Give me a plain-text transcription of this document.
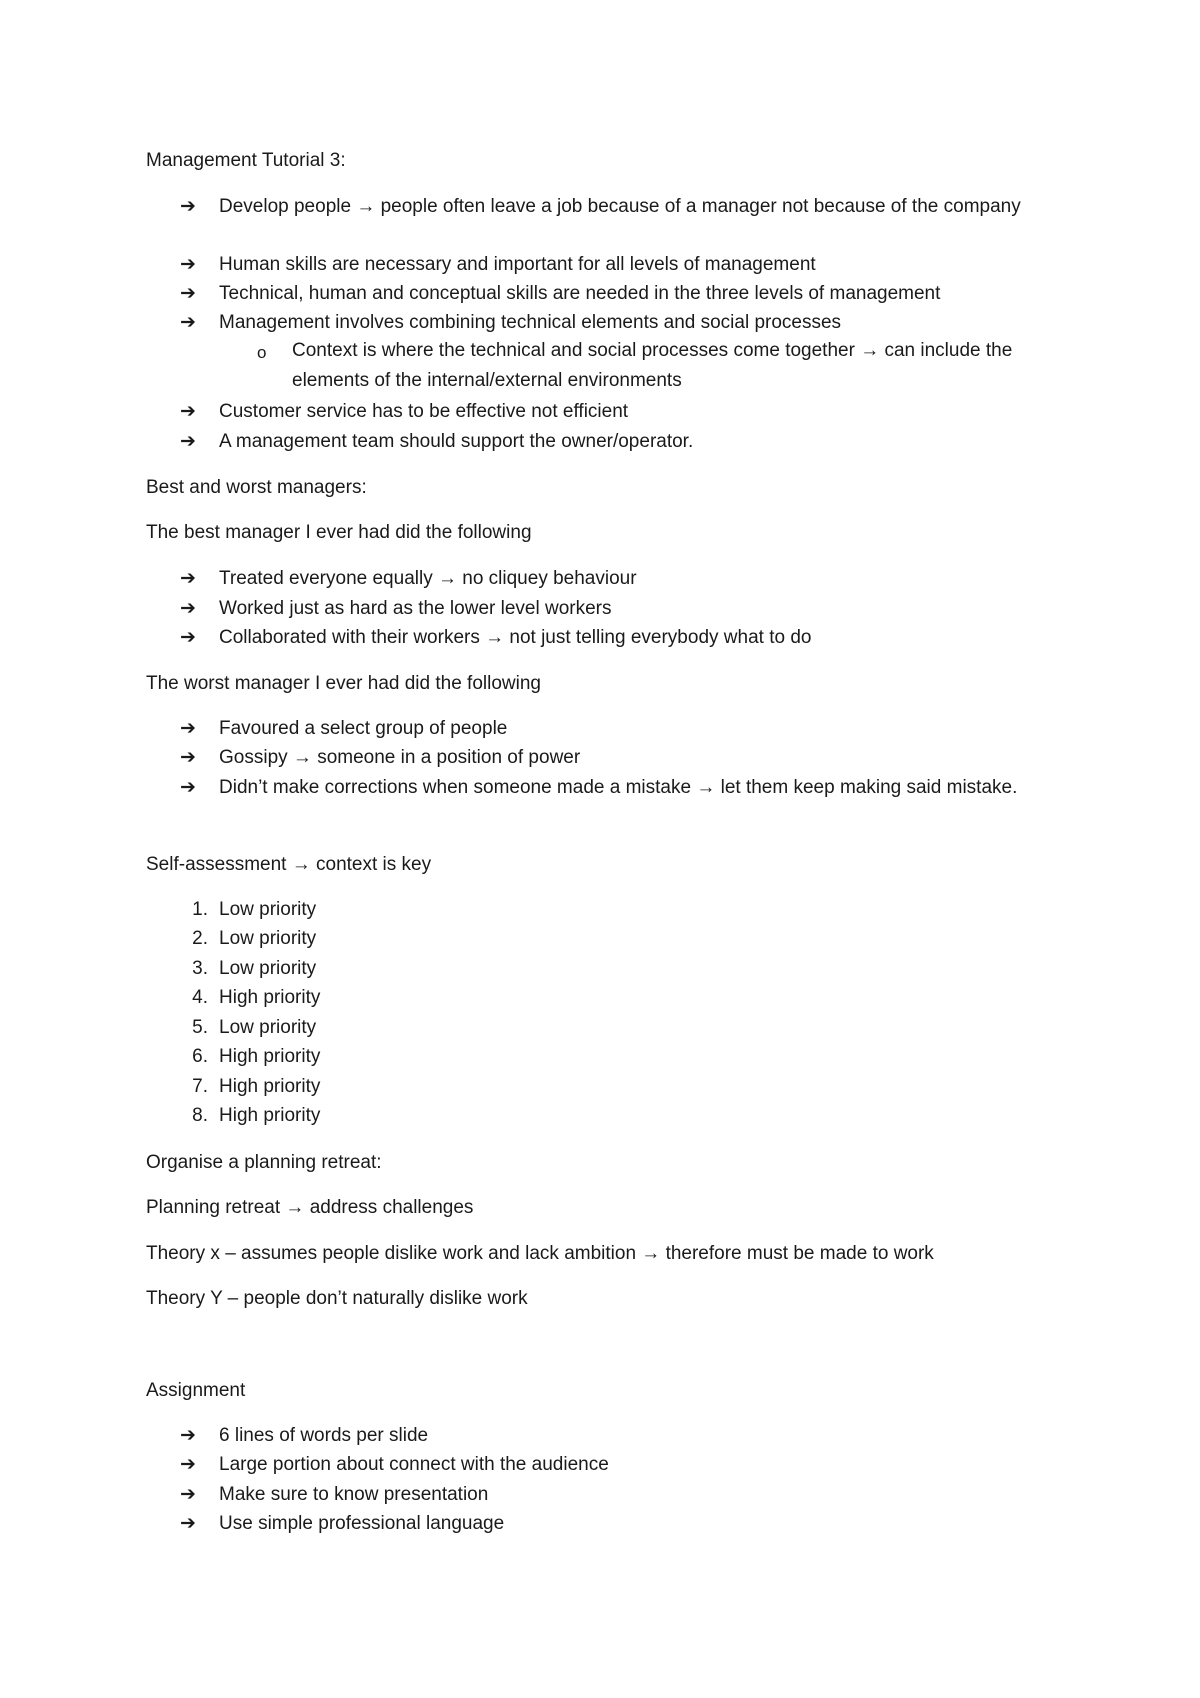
Management Tutorial 3:
➔	Develop people → people often leave a job because of a manager not because of the company
➔	Human skills are necessary and important for all levels of management
➔	Technical, human and conceptual skills are needed in the three levels of management
➔	Management involves combining technical elements and social processes
o Context is where the technical and social processes come together → can include the elements of the internal/external environments
➔	Customer service has to be effective not efficient
➔	A management team should support the owner/operator.
Best and worst managers:
The best manager I ever had did the following
➔	Treated everyone equally → no cliquey behaviour
➔	Worked just as hard as the lower level workers
➔	Collaborated with their workers → not just telling everybody what to do
The worst manager I ever had did the following
➔	Favoured a select group of people
➔	Gossipy → someone in a position of power
➔	Didn’t make corrections when someone made a mistake → let them keep making said mistake.
Self-assessment → context is key
1. Low priority
2. Low priority
3. Low priority
4. High priority
5. Low priority
6. High priority
7. High priority
8. High priority
Organise a planning retreat:
Planning retreat → address challenges
Theory x – assumes people dislike work and lack ambition → therefore must be made to work
Theory Y – people don’t naturally dislike work
Assignment
➔	6 lines of words per slide
➔	Large portion about connect with the audience
➔	Make sure to know presentation
➔	Use simple professional language
